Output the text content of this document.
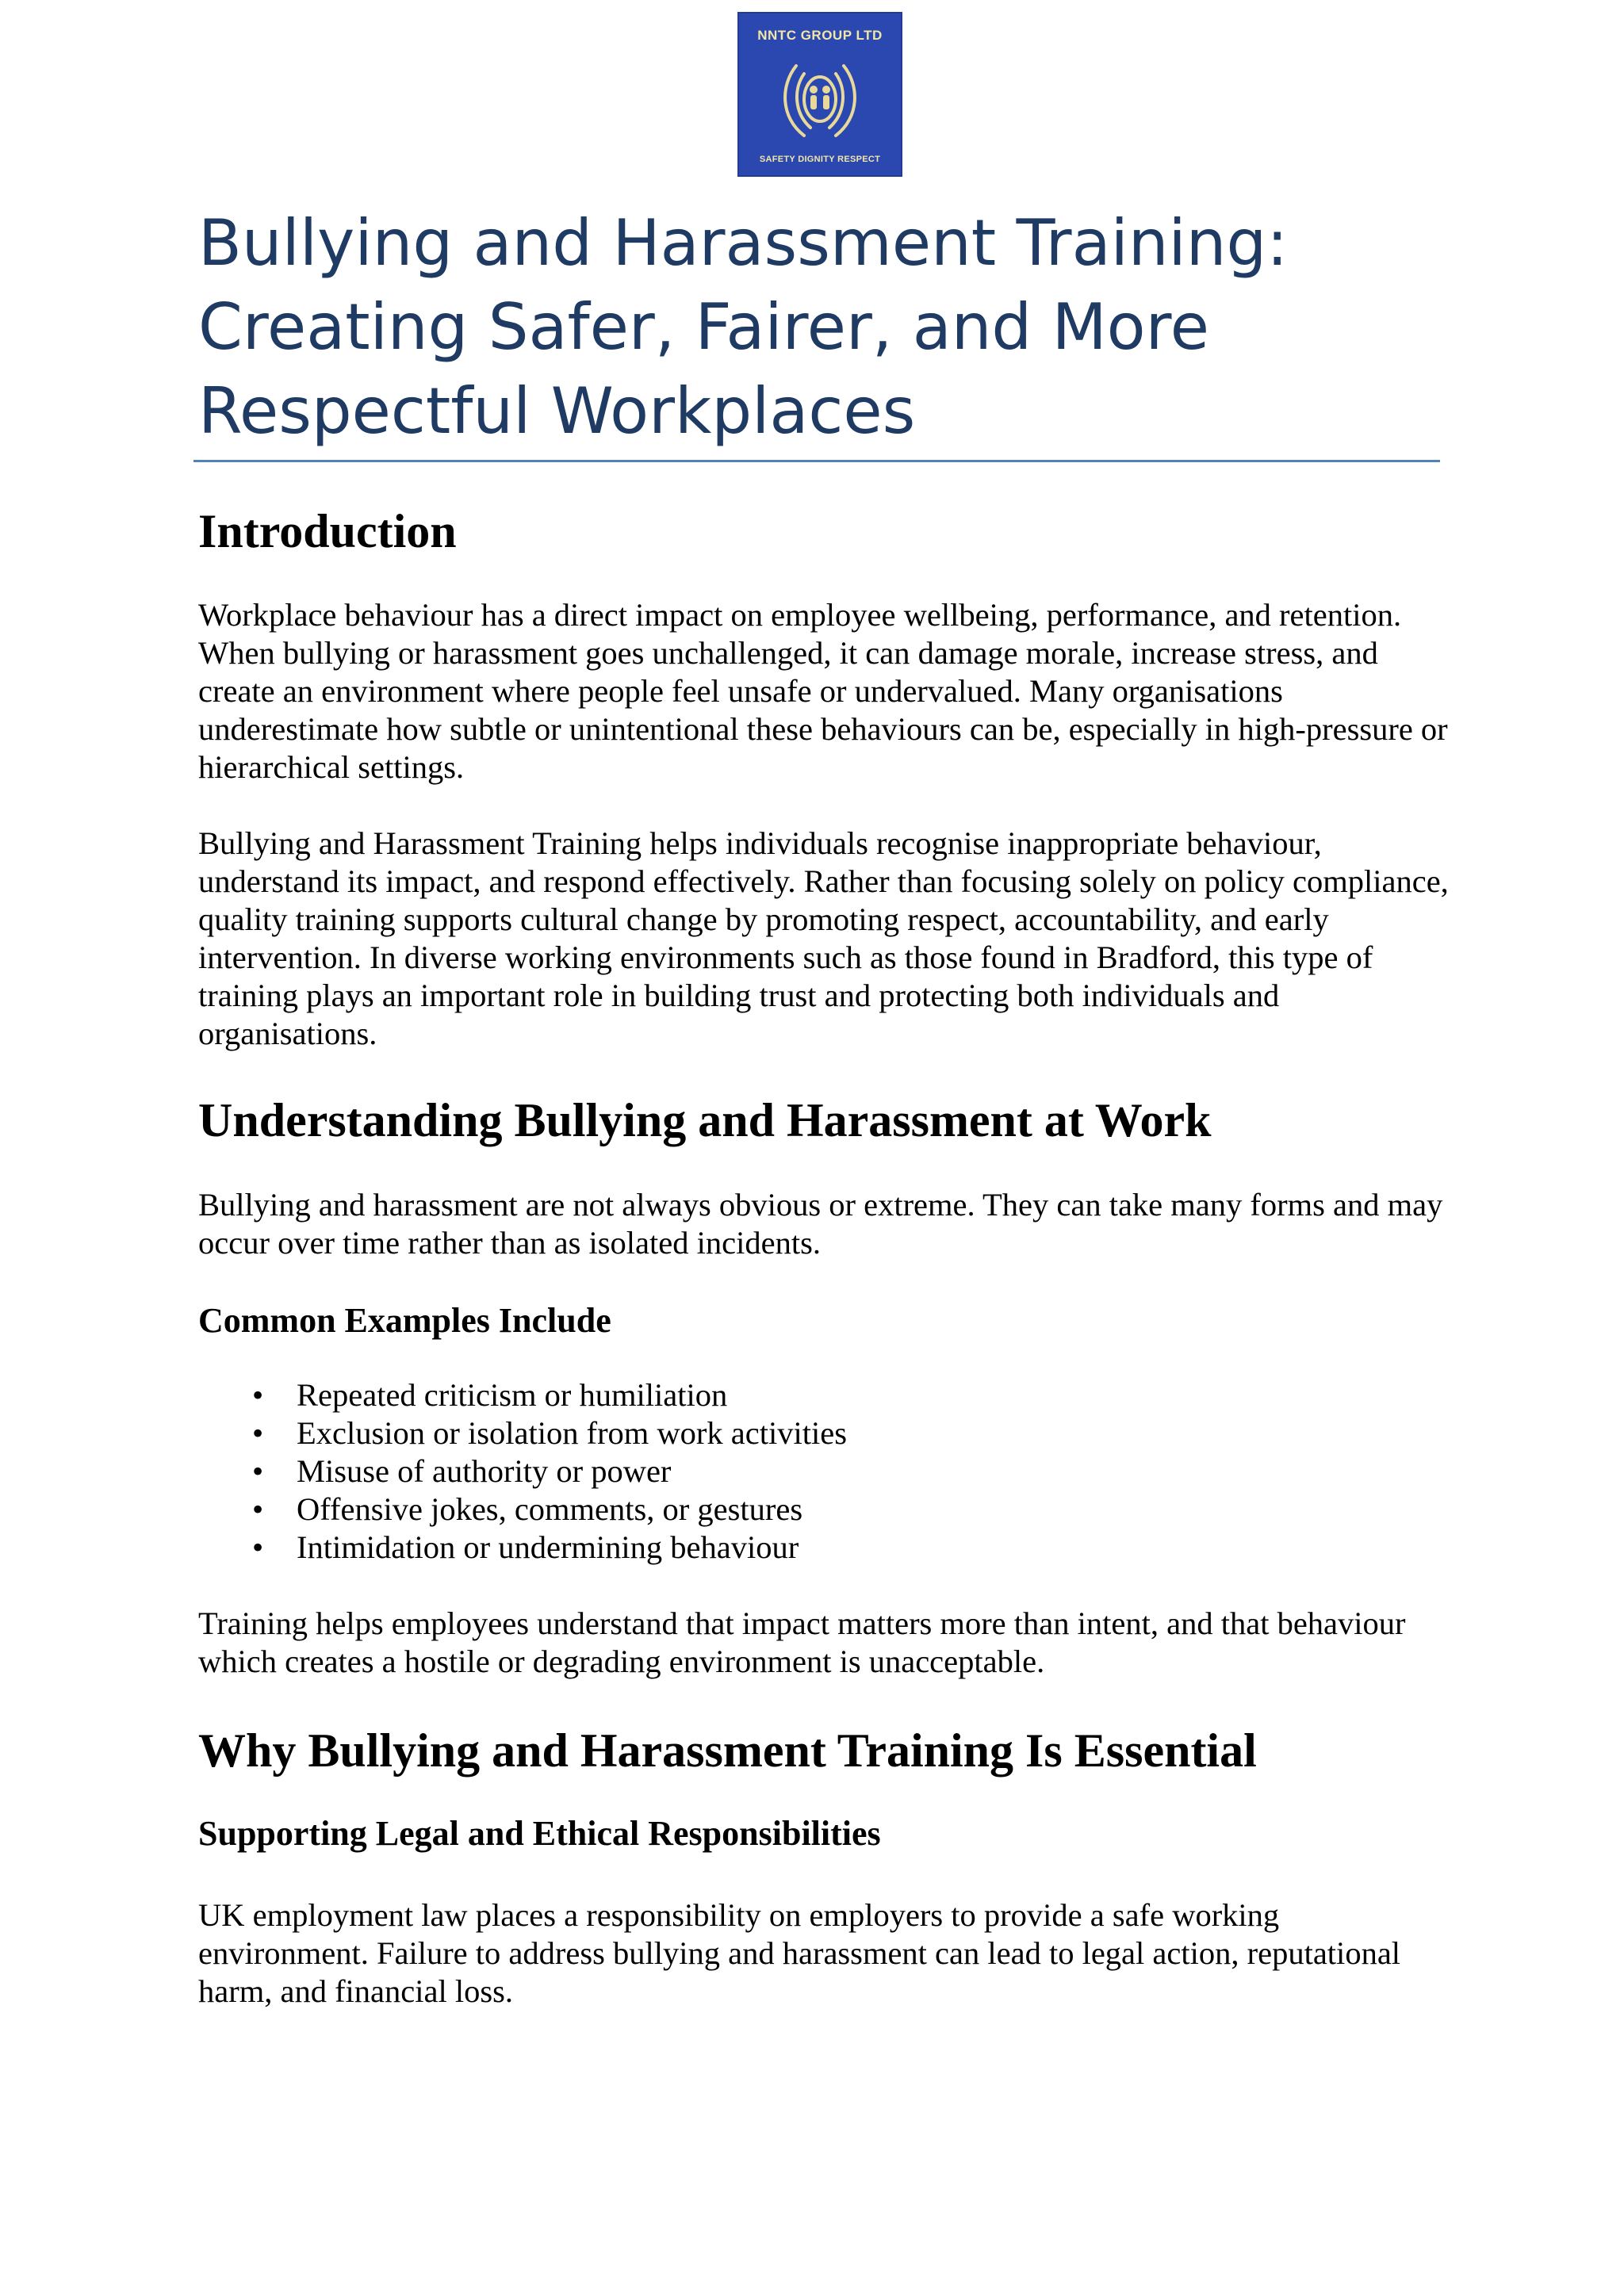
NNTC GROUP LTD
SAFETY DIGNITY RESPECT
Bullying and Harassment Training: Creating Safer, Fairer, and More Respectful Workplaces
Introduction

Workplace behaviour has a direct impact on employee wellbeing, performance, and retention. When bullying or harassment goes unchallenged, it can damage morale, increase stress, and create an environment where people feel unsafe or undervalued. Many organisations underestimate how subtle or unintentional these behaviours can be, especially in high-pressure or hierarchical settings.

Bullying and Harassment Training helps individuals recognise inappropriate behaviour, understand its impact, and respond effectively. Rather than focusing solely on policy compliance, quality training supports cultural change by promoting respect, accountability, and early intervention. In diverse working environments such as those found in Bradford, this type of training plays an important role in building trust and protecting both individuals and organisations.

Understanding Bullying and Harassment at Work

Bullying and harassment are not always obvious or extreme. They can take many forms and may occur over time rather than as isolated incidents.

Common Examples Include
• Repeated criticism or humiliation
• Exclusion or isolation from work activities
• Misuse of authority or power
• Offensive jokes, comments, or gestures
• Intimidation or undermining behaviour

Training helps employees understand that impact matters more than intent, and that behaviour which creates a hostile or degrading environment is unacceptable.

Why Bullying and Harassment Training Is Essential
Supporting Legal and Ethical Responsibilities

UK employment law places a responsibility on employers to provide a safe working environment. Failure to address bullying and harassment can lead to legal action, reputational harm, and financial loss.
